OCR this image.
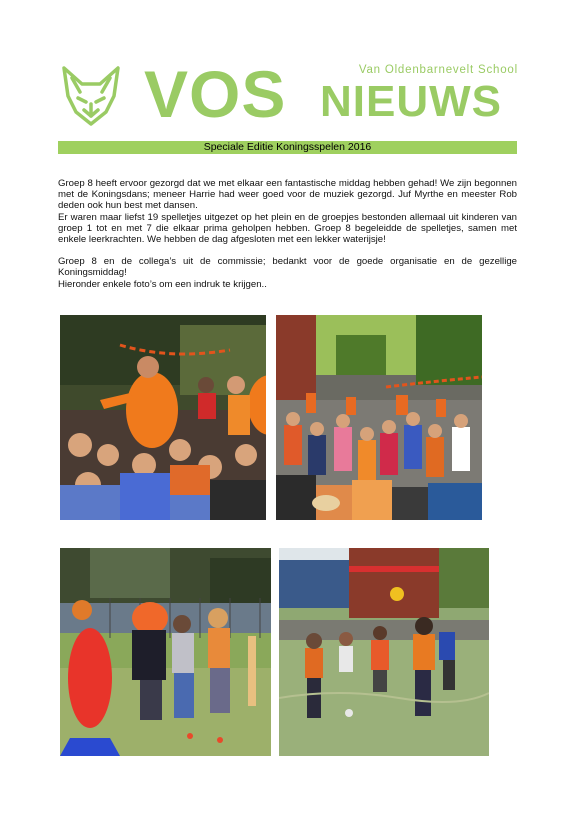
VOS	Van Oldenbarnevelt School
NIEUWS
Speciale Editie Koningsspelen 2016

Groep 8 heeft ervoor gezorgd dat we met elkaar een fantastische middag hebben gehad! We zijn begonnen met de Koningsdans; meneer Harrie had weer goed voor de muziek gezorgd. Juf Myrthe en meester Rob deden ook hun best met dansen.

Er waren maar liefst 19 spelletjes uitgezet op het plein en de groepjes bestonden allemaal uit kinderen van groep 1 tot en met 7 die elkaar prima geholpen hebben. Groep 8 begeleidde de spelletjes, samen met enkele leerkrachten. We hebben de dag afgesloten met een lekker waterijsje!

Groep 8 en de collega’s uit de commissie; bedankt voor de goede organisatie en de gezellige Koningsmiddag!

Hieronder enkele foto’s om een indruk te krijgen..
